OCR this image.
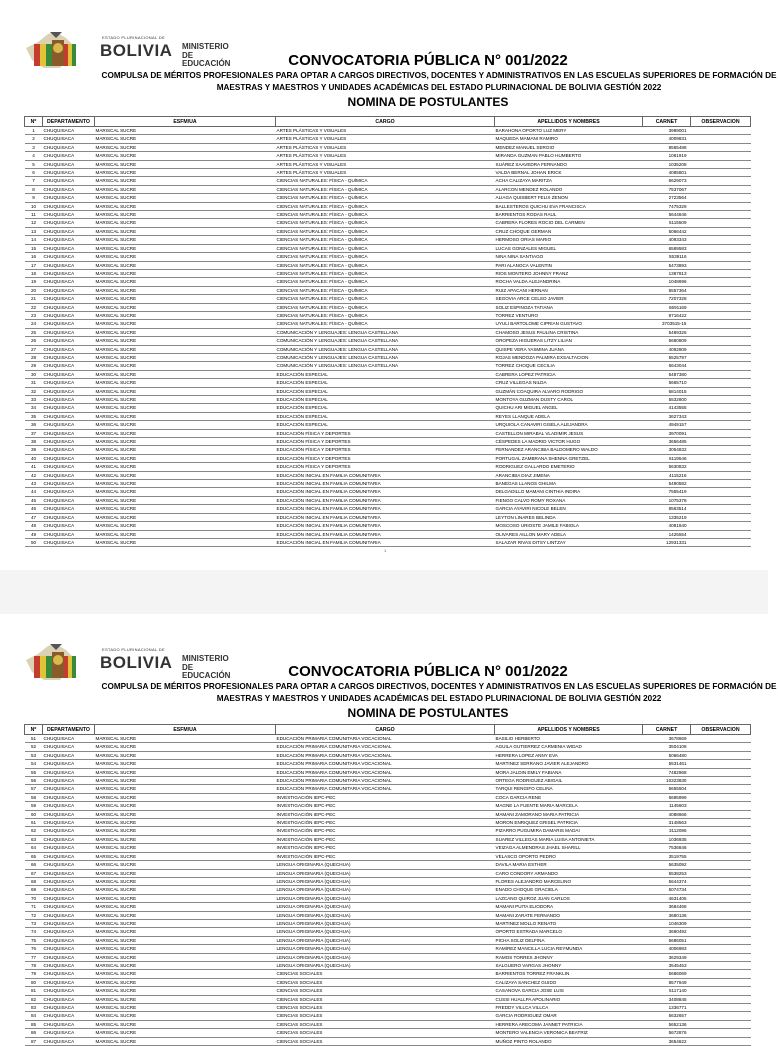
ESTADO PLURINACIONAL DE
BOLIVIA MINISTERIO
DE EDUCACIÓN	CONVOCATORIA PÚBLICA N° 001/2022
COMPULSA DE MÉRITOS PROFESIONALES PARA OPTAR A CARGOS DIRECTIVOS, DOCENTES Y ADMINISTRATIVOS EN LAS ESCUELAS SUPERIORES DE FORMACIÓN DE MAESTRAS Y MAESTROS Y UNIDADES ACADÉMICAS DEL ESTADO PLURINACIONAL DE BOLIVIA GESTIÓN 2022
NOMINA DE POSTULANTES
Nº	DEPARTAMENTO	ESFM/UA	CARGO	APELLIDOS Y NOMBRES	CARNET	OBSERVACION
1	CHUQUISACA	MARISCAL SUCRE	ARTES PLÁSTICAS Y VISUALES	BARAHONA OPORTO LUZ MERY	3989001	
2	CHUQUISACA	MARISCAL SUCRE	ARTES PLÁSTICAS Y VISUALES	MAQUEDA MAMANI RAMIRO	4009831	
3	CHUQUISACA	MARISCAL SUCRE	ARTES PLÁSTICAS Y VISUALES	MENDEZ MANUEL SERGIO	8565488	
4	CHUQUISACA	MARISCAL SUCRE	ARTES PLÁSTICAS Y VISUALES	MIRANDA GUZMAN PABLO HUMBERTO	1061919	
5	CHUQUISACA	MARISCAL SUCRE	ARTES PLÁSTICAS Y VISUALES	SUÁREZ SAAVEDRA FERNANDO	1035208	
6	CHUQUISACA	MARISCAL SUCRE	ARTES PLÁSTICAS Y VISUALES	VALDA BERNAL JOHAN ERICK	4085801	
7	CHUQUISACA	MARISCAL SUCRE	CIENCIAS NATURALES: FÍSICA - QUÍMICA	ACHA CALIZAYA MARITZA	6629073	
8	CHUQUISACA	MARISCAL SUCRE	CIENCIAS NATURALES: FÍSICA - QUÍMICA	ALARCON MENDEZ ROLANDO	7537067	
9	CHUQUISACA	MARISCAL SUCRE	CIENCIAS NATURALES: FÍSICA - QUÍMICA	ALIAGA QUISBERT FELIX ZENON	2723564	
10	CHUQUISACA	MARISCAL SUCRE	CIENCIAS NATURALES: FÍSICA - QUÍMICA	BALLESTEROS QUICHU EVA FRANCISCA	7475329	
11	CHUQUISACA	MARISCAL SUCRE	CIENCIAS NATURALES: FÍSICA - QUÍMICA	BARRIENTOS RODAS RAUL	5644846	
12	CHUQUISACA	MARISCAL SUCRE	CIENCIAS NATURALES: FÍSICA - QUÍMICA	CABRERA FLORES ROCIO DEL CARMEN	5115509	
13	CHUQUISACA	MARISCAL SUCRE	CIENCIAS NATURALES: FÍSICA - QUÍMICA	CRUZ CHOQUE GERMAN	5066442	
14	CHUQUISACA	MARISCAL SUCRE	CIENCIAS NATURALES: FÍSICA - QUÍMICA	HERMOSO ORIAS MARIO	4093343	
15	CHUQUISACA	MARISCAL SUCRE	CIENCIAS NATURALES: FÍSICA - QUÍMICA	LUCAS GONZALES MIGUEL	6589583	
16	CHUQUISACA	MARISCAL SUCRE	CIENCIAS NATURALES: FÍSICA - QUÍMICA	NINA NINA SANTIAGO	5539116	
17	CHUQUISACA	MARISCAL SUCRE	CIENCIAS NATURALES: FÍSICA - QUÍMICA	PARI ALANOCA VALENTIN	5473893	
18	CHUQUISACA	MARISCAL SUCRE	CIENCIAS NATURALES: FÍSICA - QUÍMICA	RIOS MONTERO JOHNNY FRANZ	1387813	
19	CHUQUISACA	MARISCAL SUCRE	CIENCIAS NATURALES: FÍSICA - QUÍMICA	ROCHA VALDA ALEJANDRINA	1048696	
20	CHUQUISACA	MARISCAL SUCRE	CIENCIAS NATURALES: FÍSICA - QUÍMICA	RUIZ APACANI HERNAN	5557364	
21	CHUQUISACA	MARISCAL SUCRE	CIENCIAS NATURALES: FÍSICA - QUÍMICA	SEGOVIA ARCE CELSO JAVIER	7207328	
22	CHUQUISACA	MARISCAL SUCRE	CIENCIAS NATURALES: FÍSICA - QUÍMICA	SOLIZ ESPINOZA TATIANA	6691169	
23	CHUQUISACA	MARISCAL SUCRE	CIENCIAS NATURALES: FÍSICA - QUÍMICA	TORREZ VENTURO	8716422	
24	CHUQUISACA	MARISCAL SUCRE	CIENCIAS NATURALES: FÍSICA - QUÍMICA	UYULI BARTOLOME CIPRIAN GUSTAVO	3703515-15	
25	CHUQUISACA	MARISCAL SUCRE	COMUNICACIÓN Y LENGUAJES: LENGUA CASTELLANA	CHAMOSO JESUS PAULINA CRISTINA	5489326	
26	CHUQUISACA	MARISCAL SUCRE	COMUNICACIÓN Y LENGUAJES: LENGUA CASTELLANA	OROPEZA HIGUERAS LITZY LILIAN	5680809	
27	CHUQUISACA	MARISCAL SUCRE	COMUNICACIÓN Y LENGUAJES: LENGUA CASTELLANA	QUISPE VERA YASMINA JUANA	4092809	
28	CHUQUISACA	MARISCAL SUCRE	COMUNICACIÓN Y LENGUAJES: LENGUA CASTELLANA	ROJAS MENDOZA PALMIRA EXSALTACION	5525797	
29	CHUQUISACA	MARISCAL SUCRE	COMUNICACIÓN Y LENGUAJES: LENGUA CASTELLANA	TORREZ CHOQUE CECILIA	6643044	
30	CHUQUISACA	MARISCAL SUCRE	EDUCACIÓN ESPECIAL	CABRERA LOPEZ PATRICIA	5487380	
31	CHUQUISACA	MARISCAL SUCRE	EDUCACIÓN ESPECIAL	CRUZ VILLEGAS NILDA	5665710	
32	CHUQUISACA	MARISCAL SUCRE	EDUCACIÓN ESPECIAL	GUZMÁN COAQUIRA ALVARO RODRIGO	6814015	
33	CHUQUISACA	MARISCAL SUCRE	EDUCACIÓN ESPECIAL	MONTOYA GUZMAN DUSTY CAROL	5532800	
34	CHUQUISACA	MARISCAL SUCRE	EDUCACIÓN ESPECIAL	QUICHU ARI MIGUEL ANGEL	4143555	
35	CHUQUISACA	MARISCAL SUCRE	EDUCACIÓN ESPECIAL	REYES LLANQUE ADELA	3627343	
36	CHUQUISACA	MARISCAL SUCRE	EDUCACIÓN ESPECIAL	URQUIOLA CANAVIRI GISELA ALEJANDRA	4949157	
37	CHUQUISACA	MARISCAL SUCRE	EDUCACIÓN FÍSICA Y DEPORTES	CASTELLON MIRABAL VLADIMIR JESUS	3970091	
38	CHUQUISACA	MARISCAL SUCRE	EDUCACIÓN FÍSICA Y DEPORTES	CÉSPEDES LA MADRID VICTOR HUGO	3656485	
39	CHUQUISACA	MARISCAL SUCRE	EDUCACIÓN FÍSICA Y DEPORTES	FERNANDEZ ARANCIBIA BALDOMERO WALDO	3054832	
40	CHUQUISACA	MARISCAL SUCRE	EDUCACIÓN FÍSICA Y DEPORTES	PORTUGAL ZAMBRANA SHENNA GRETZEL	6119546	
41	CHUQUISACA	MARISCAL SUCRE	EDUCACIÓN FÍSICA Y DEPORTES	RODRIGUEZ GALLARDO EMETERIO	5630832	
42	CHUQUISACA	MARISCAL SUCRE	EDUCACIÓN INICIAL EN FAMILIA COMUNITARIA	ARANCIBIA DIAZ JIMENA	4115216	
43	CHUQUISACA	MARISCAL SUCRE	EDUCACIÓN INICIAL EN FAMILIA COMUNITARIA	BANEGAS LLANOS GHILMA	5490582	
44	CHUQUISACA	MARISCAL SUCRE	EDUCACIÓN INICIAL EN FAMILIA COMUNITARIA	DELGADILLO MAMANI CINTHIA INDIRA	7555419	
45	CHUQUISACA	MARISCAL SUCRE	EDUCACIÓN INICIAL EN FAMILIA COMUNITARIA	FIENGO CALVO ROMY ROXANA	1075378	
46	CHUQUISACA	MARISCAL SUCRE	EDUCACIÓN INICIAL EN FAMILIA COMUNITARIA	GARCIA AYAVIRI NICOLE BELEN	8563514	
47	CHUQUISACA	MARISCAL SUCRE	EDUCACIÓN INICIAL EN FAMILIA COMUNITARIA	LEYTON LINARES BELINDA	1335219	
48	CHUQUISACA	MARISCAL SUCRE	EDUCACIÓN INICIAL EN FAMILIA COMUNITARIA	MOSCOSO URIOSTE JAMILE FABIOLA	4081840	
49	CHUQUISACA	MARISCAL SUCRE	EDUCACIÓN INICIAL EN FAMILIA COMUNITARIA	OLIVARES AILLON MARY ADELA	1425554	
50	CHUQUISACA	MARISCAL SUCRE	EDUCACIÓN INICIAL EN FAMILIA COMUNITARIA	SALAZAR RIVAS DITSY LINTZAY	12931331	
1
ESTADO PLURINACIONAL DE
BOLIVIA MINISTERIO
DE EDUCACIÓN	CONVOCATORIA PÚBLICA N° 001/2022
COMPULSA DE MÉRITOS PROFESIONALES PARA OPTAR A CARGOS DIRECTIVOS, DOCENTES Y ADMINISTRATIVOS EN LAS ESCUELAS SUPERIORES DE FORMACIÓN DE MAESTRAS Y MAESTROS Y UNIDADES ACADÉMICAS DEL ESTADO PLURINACIONAL DE BOLIVIA GESTIÓN 2022
NOMINA DE POSTULANTES
Nº	DEPARTAMENTO	ESFM/UA	CARGO	APELLIDOS Y NOMBRES	CARNET	OBSERVACION
51	CHUQUISACA	MARISCAL SUCRE	EDUCACIÓN PRIMARIA COMUNITARIA VOCACIONAL	BASILIO HERBERTO	3678669	
52	CHUQUISACA	MARISCAL SUCRE	EDUCACIÓN PRIMARIA COMUNITARIA VOCACIONAL	AGUILA GUTIERREZ CARMENIA WIDAD	3504108	
53	CHUQUISACA	MARISCAL SUCRE	EDUCACIÓN PRIMARIA COMUNITARIA VOCACIONAL	HERRERA LOPEZ ANNY EVA	5066480	
54	CHUQUISACA	MARISCAL SUCRE	EDUCACIÓN PRIMARIA COMUNITARIA VOCACIONAL	MARTINEZ SERRANO JAVIER ALEJANDRO	5531461	
55	CHUQUISACA	MARISCAL SUCRE	EDUCACIÓN PRIMARIA COMUNITARIA VOCACIONAL	MORA JALDIN EMILY FABIANA	7482968	
56	CHUQUISACA	MARISCAL SUCRE	EDUCACIÓN PRIMARIA COMUNITARIA VOCACIONAL	ORTEGA RODRIGUEZ ABIGAIL	10323830	
57	CHUQUISACA	MARISCAL SUCRE	EDUCACIÓN PRIMARIA COMUNITARIA VOCACIONAL	TARQUI RENGIFO CELINA	5655504	
58	CHUQUISACA	MARISCAL SUCRE	INVESTIGACIÓN IEPC-PEC	COCA GARCIA RENE	6695999	
59	CHUQUISACA	MARISCAL SUCRE	INVESTIGACIÓN IEPC-PEC	MAGNE LA FUENTE MARIA MARCELA	1145603	
60	CHUQUISACA	MARISCAL SUCRE	INVESTIGACIÓN IEPC-PEC	MAMANI ZAMORANO MARIA PATRICIA	4088666	
61	CHUQUISACA	MARISCAL SUCRE	INVESTIGACIÓN IEPC-PEC	MORON ENRIQUEZ GRISEL PATRICIA	3148563	
62	CHUQUISACA	MARISCAL SUCRE	INVESTIGACIÓN IEPC-PEC	PIZARRO PUGUMIRA DAMARIS MADAI	3112086	
63	CHUQUISACA	MARISCAL SUCRE	INVESTIGACIÓN IEPC-PEC	SUAREZ VILLEGAS MARIA LUISA ANTONIETA	1036935	
64	CHUQUISACA	MARISCAL SUCRE	INVESTIGACIÓN IEPC-PEC	VEIZAGA ALMENDRAS JHAEL SHARILL	7536846	
65	CHUQUISACA	MARISCAL SUCRE	INVESTIGACIÓN IEPC-PEC	VELASCO OPORTO PEDRO	3519755	
66	CHUQUISACA	MARISCAL SUCRE	LENGUA ORIGINARIA (QUECHUA)	DAVILA MARIA ESTHER	5635092	
67	CHUQUISACA	MARISCAL SUCRE	LENGUA ORIGINARIA (QUECHUA)	CARO CONDORY ARMANDO	5538253	
68	CHUQUISACA	MARISCAL SUCRE	LENGUA ORIGINARIA (QUECHUA)	FLORES ALEJANDRO MARCELINO	5644374	
69	CHUQUISACA	MARISCAL SUCRE	LENGUA ORIGINARIA (QUECHUA)	ENADO CHOQUE GRACIELA	5074734	
70	CHUQUISACA	MARISCAL SUCRE	LENGUA ORIGINARIA (QUECHUA)	LAZCANO QUIROZ JUAN CARLOS	4631405	
71	CHUQUISACA	MARISCAL SUCRE	LENGUA ORIGINARIA (QUECHUA)	MAMANI PUITA ELIODORA	3684468	
72	CHUQUISACA	MARISCAL SUCRE	LENGUA ORIGINARIA (QUECHUA)	MAMANI ZARATE FERNANDO	3680136	
73	CHUQUISACA	MARISCAL SUCRE	LENGUA ORIGINARIA (QUECHUA)	MARTINEZ MOLLO RENATO	1046309	
74	CHUQUISACA	MARISCAL SUCRE	LENGUA ORIGINARIA (QUECHUA)	OPORTO ESTRADA MARCELO	3690492	
75	CHUQUISACA	MARISCAL SUCRE	LENGUA ORIGINARIA (QUECHUA)	PICHA SOLIZ DELFINA	5686051	
76	CHUQUISACA	MARISCAL SUCRE	LENGUA ORIGINARIA (QUECHUA)	RAMIREZ MANCILLA LUCIA REYMUNDA	4006983	
77	CHUQUISACA	MARISCAL SUCRE	LENGUA ORIGINARIA (QUECHUA)	RAMOS TORRES JHONNY	3629349	
78	CHUQUISACA	MARISCAL SUCRE	LENGUA ORIGINARIA (QUECHUA)	SALGUERO VARGAS JHONNY	3545453	
79	CHUQUISACA	MARISCAL SUCRE	CIENCIAS SOCIALES	BARRIENTOS TORREZ FRANKLIN	5686069	
80	CHUQUISACA	MARISCAL SUCRE	CIENCIAS SOCIALES	CALIZAYA SANCHEZ GUIDO	8577949	
81	CHUQUISACA	MARISCAL SUCRE	CIENCIAS SOCIALES	CASANOVA GARCIA JOSE LUIS	5117140	
82	CHUQUISACA	MARISCAL SUCRE	CIENCIAS SOCIALES	CUSSI HUALLPA APOLINARIO	3408845	
83	CHUQUISACA	MARISCAL SUCRE	CIENCIAS SOCIALES	FREDDY VILLCA VILLCA	1336771	
84	CHUQUISACA	MARISCAL SUCRE	CIENCIAS SOCIALES	GARCIA RODRIGUEZ OMAR	5632657	
85	CHUQUISACA	MARISCAL SUCRE	CIENCIAS SOCIALES	HERRERA ARECOMA JANNET PATRICIA	5652136	
86	CHUQUISACA	MARISCAL SUCRE	CIENCIAS SOCIALES	MONTERO VALENCIA VERONICA BEATRIZ	5672876	
87	CHUQUISACA	MARISCAL SUCRE	CIENCIAS SOCIALES	MUÑOZ PINTO ROLANDO	3654622	
